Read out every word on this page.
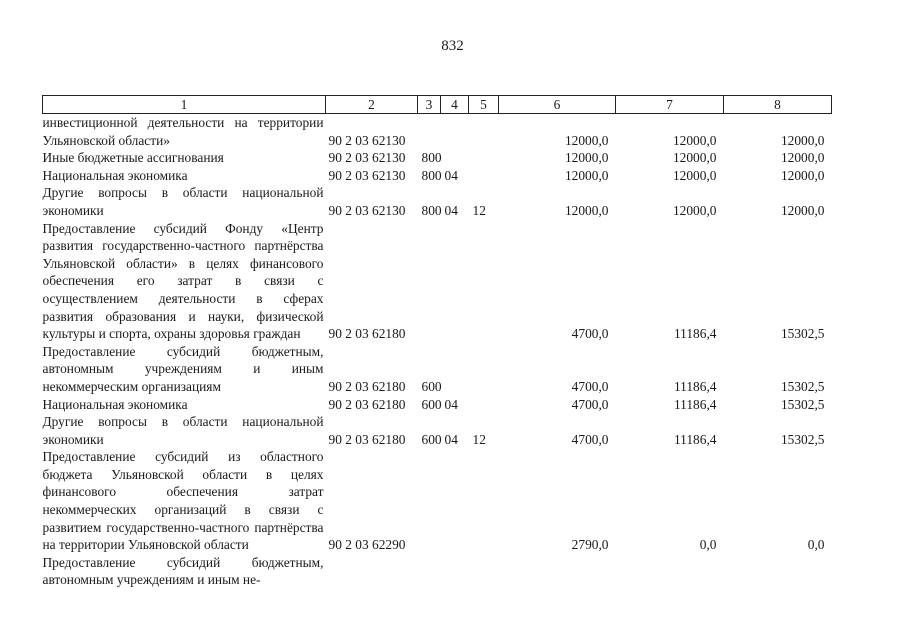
832
1	2	3	4	5	6	7	8
инвестиционной деятельности на территории Ульяновской области»	90 2 03 62130				12000,0	12000,0	12000,0
Иные бюджетные ассигнования	90 2 03 62130	800			12000,0	12000,0	12000,0
Национальная экономика	90 2 03 62130	800	04		12000,0	12000,0	12000,0
Другие вопросы в области национальной экономики	90 2 03 62130	800	04	12	12000,0	12000,0	12000,0
Предоставление субсидий Фонду «Центр развития государственно-частного партнёрства Ульяновской области» в целях финансового обеспечения его затрат в связи с осуществлением деятельности в сферах развития образования и науки, физической культуры и спорта, охраны здоровья граждан	90 2 03 62180				4700,0	11186,4	15302,5
Предоставление субсидий бюджетным, автономным учреждениям и иным некоммерческим организациям	90 2 03 62180	600			4700,0	11186,4	15302,5
Национальная экономика	90 2 03 62180	600	04		4700,0	11186,4	15302,5
Другие вопросы в области национальной экономики	90 2 03 62180	600	04	12	4700,0	11186,4	15302,5
Предоставление субсидий из областного бюджета Ульяновской области в целях финансового обеспечения затрат некоммерческих организаций в связи с развитием государственно-частного партнёрства на территории Ульяновской области	90 2 03 62290				2790,0	0,0	0,0
Предоставление субсидий бюджетным, автономным учреждениям и иным не-							
